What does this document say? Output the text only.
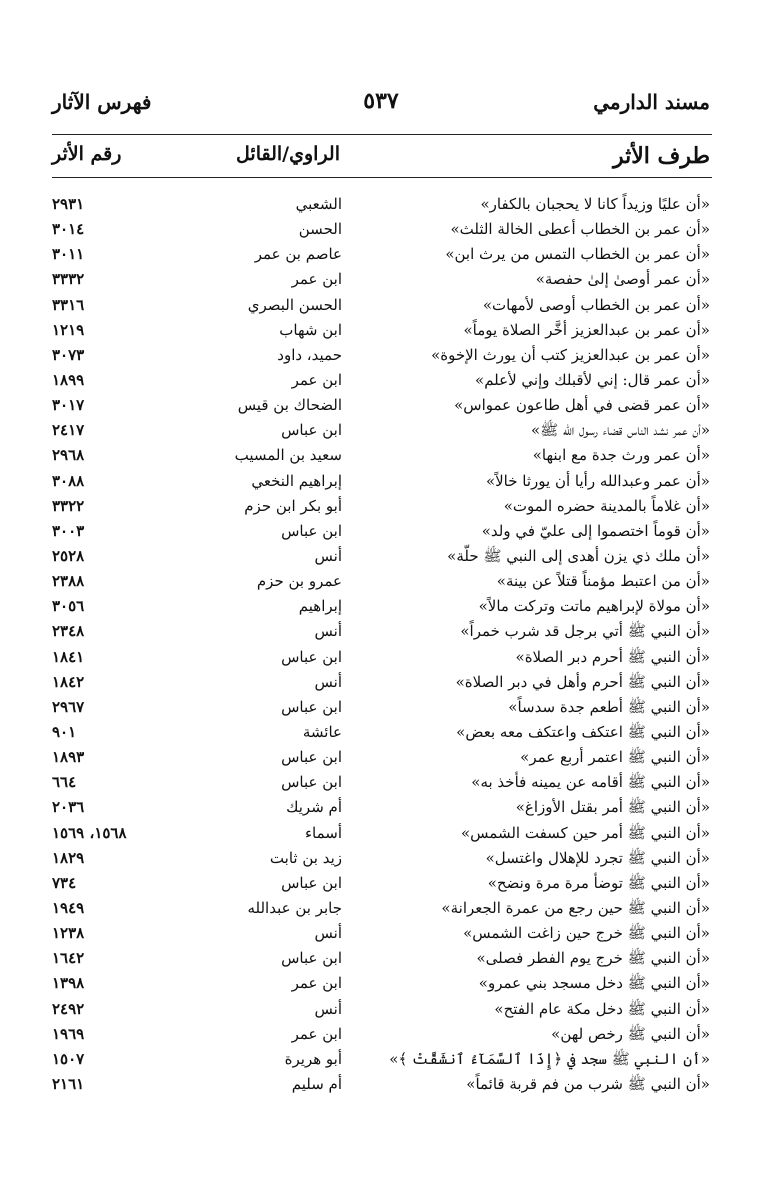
مسند الدارمي
٥٣٧
فهرس الآثار
طرف الأثر
الراوي/القائل
رقم الأثر
«أن عليًا وزيداً كانا لا يحجبان بالكفار»
الشعبي
٢٩٣١
«أن عمر بن الخطاب أعطى الخالة الثلث»
الحسن
٣٠١٤
«أن عمر بن الخطاب التمس من يرث ابن»
عاصم بن عمر
٣٠١١
«أن عمر أوصىٰ إلىٰ حفصة»
ابن عمر
٣٣٣٢
«أن عمر بن الخطاب أوصى لأمهات»
الحسن البصري
٣٣١٦
«أن عمر بن عبدالعزيز أخَّر الصلاة يوماً»
ابن شهاب
١٢١٩
«أن عمر بن عبدالعزيز كتب أن يورث الإخوة»
حميد، داود
٣٠٧٣
«أن عمر قال: إني لأقبلك وإني لأعلم»
ابن عمر
١٨٩٩
«أن عمر قضى في أهل طاعون عمواس»
الضحاك بن قيس
٣٠١٧
«أن عمر نشد الناس قضاء رسول الله ﷺ»
ابن عباس
٢٤١٧
«أن عمر ورث جدة مع ابنها»
سعيد بن المسيب
٢٩٦٨
«أن عمر وعبدالله رأيا أن يورثا خالاً»
إبراهيم النخعي
٣٠٨٨
«أن غلاماً بالمدينة حضره الموت»
أبو بكر ابن حزم
٣٣٢٢
«أن قوماً اختصموا إلى عليّ في ولد»
ابن عباس
٣٠٠٣
«أن ملك ذي يزن أهدى إلى النبي ﷺ حلّة»
أنس
٢٥٢٨
«أن من اعتبط مؤمناً قتلاً عن بينة»
عمرو بن حزم
٢٣٨٨
«أن مولاة لإبراهيم ماتت وتركت مالاً»
إبراهيم
٣٠٥٦
«أن النبي ﷺ أتي برجل قد شرب خمراً»
أنس
٢٣٤٨
«أن النبي ﷺ أحرم دبر الصلاة»
ابن عباس
١٨٤١
«أن النبي ﷺ أحرم وأهل في دبر الصلاة»
أنس
١٨٤٢
«أن النبي ﷺ أطعم جدة سدساً»
ابن عباس
٢٩٦٧
«أن النبي ﷺ اعتكف واعتكف معه بعض»
عائشة
٩٠١
«أن النبي ﷺ اعتمر أربع عمر»
ابن عباس
١٨٩٣
«أن النبي ﷺ أقامه عن يمينه فأخذ به»
ابن عباس
٦٦٤
«أن النبي ﷺ أمر بقتل الأوزاغ»
أم شريك
٢٠٣٦
«أن النبي ﷺ أمر حين كسفت الشمس»
أسماء
١٥٦٨، ١٥٦٩
«أن النبي ﷺ تجرد للإهلال واغتسل»
زيد بن ثابت
١٨٢٩
«أن النبي ﷺ توضأ مرة مرة ونضح»
ابن عباس
٧٣٤
«أن النبي ﷺ حين رجع من عمرة الجعرانة»
جابر بن عبدالله
١٩٤٩
«أن النبي ﷺ خرج حين زاغت الشمس»
أنس
١٢٣٨
«أن النبي ﷺ خرج يوم الفطر فصلى»
ابن عباس
١٦٤٢
«أن النبي ﷺ دخل مسجد بني عمرو»
ابن عمر
١٣٩٨
«أن النبي ﷺ دخل مكة عام الفتح»
أنس
٢٤٩٢
«أن النبي ﷺ رخص لهن»
ابن عمر
١٩٦٩
«أن النبي ﷺ سجد في ﴿إِذَا ٱلسَّمَآءُ ٱنشَقَّتْ ﴾»
أبو هريرة
١٥٠٧
«أن النبي ﷺ شرب من فم قربة قائماً»
أم سليم
٢١٦١
